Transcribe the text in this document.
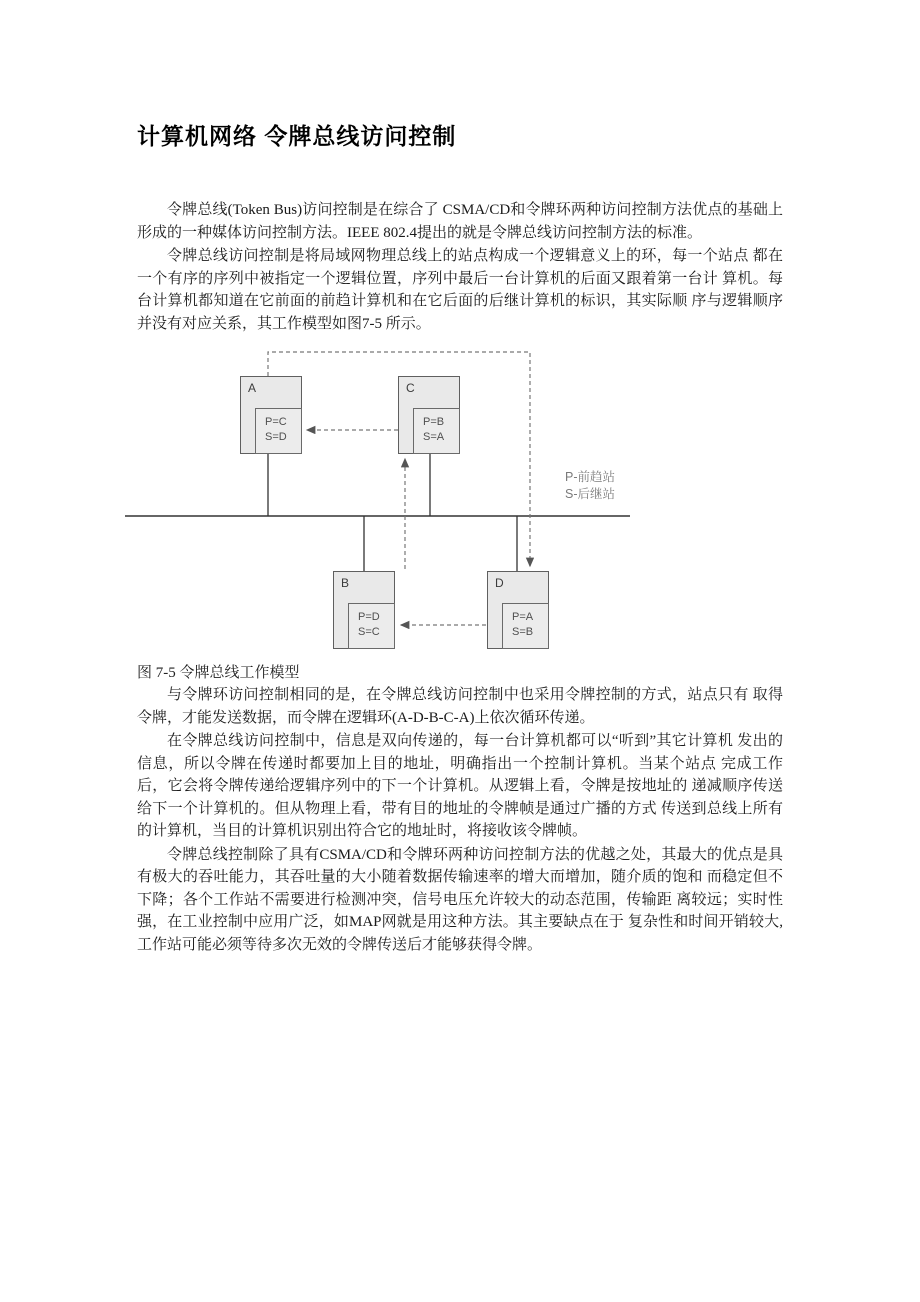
计算机网络 令牌总线访问控制

令牌总线(Token Bus)访问控制是在综合了 CSMA/CD和令牌环两种访问控制方法优点的基础上形成的一种媒体访问控制方法。IEEE 802.4提出的就是令牌总线访问控制方法的标准。

令牌总线访问控制是将局域网物理总线上的站点构成一个逻辑意义上的环，每一个站点 都在一个有序的序列中被指定一个逻辑位置，序列中最后一台计算机的后面又跟着第一台计 算机。每台计算机都知道在它前面的前趋计算机和在它后面的后继计算机的标识，其实际顺 序与逻辑顺序并没有对应关系，其工作模型如图7-5 所示。

A
P=C
S=D
C
P=B
S=A
B
P=D
S=C
D
P=A
S=B
P-前趋站
S-后继站
图 7-5 令牌总线工作模型

与令牌环访问控制相同的是，在令牌总线访问控制中也采用令牌控制的方式，站点只有 取得令牌，才能发送数据，而令牌在逻辑环(A-D-B-C-A)上依次循环传递。

在令牌总线访问控制中，信息是双向传递的，每一台计算机都可以“听到”其它计算机 发出的信息，所以令牌在传递时都要加上目的地址，明确指出一个控制计算机。当某个站点 完成工作后，它会将令牌传递给逻辑序列中的下一个计算机。从逻辑上看，令牌是按地址的 递减顺序传送给下一个计算机的。但从物理上看，带有目的地址的令牌帧是通过广播的方式 传送到总线上所有的计算机，当目的计算机识别出符合它的地址时，将接收该令牌帧。

令牌总线控制除了具有CSMA/CD和令牌环两种访问控制方法的优越之处，其最大的优点是具有极大的吞吐能力，其吞吐量的大小随着数据传输速率的增大而增加，随介质的饱和 而稳定但不下降；各个工作站不需要进行检测冲突，信号电压允许较大的动态范围，传输距 离较远；实时性强，在工业控制中应用广泛，如MAP网就是用这种方法。其主要缺点在于 复杂性和时间开销较大,工作站可能必须等待多次无效的令牌传送后才能够获得令牌。
